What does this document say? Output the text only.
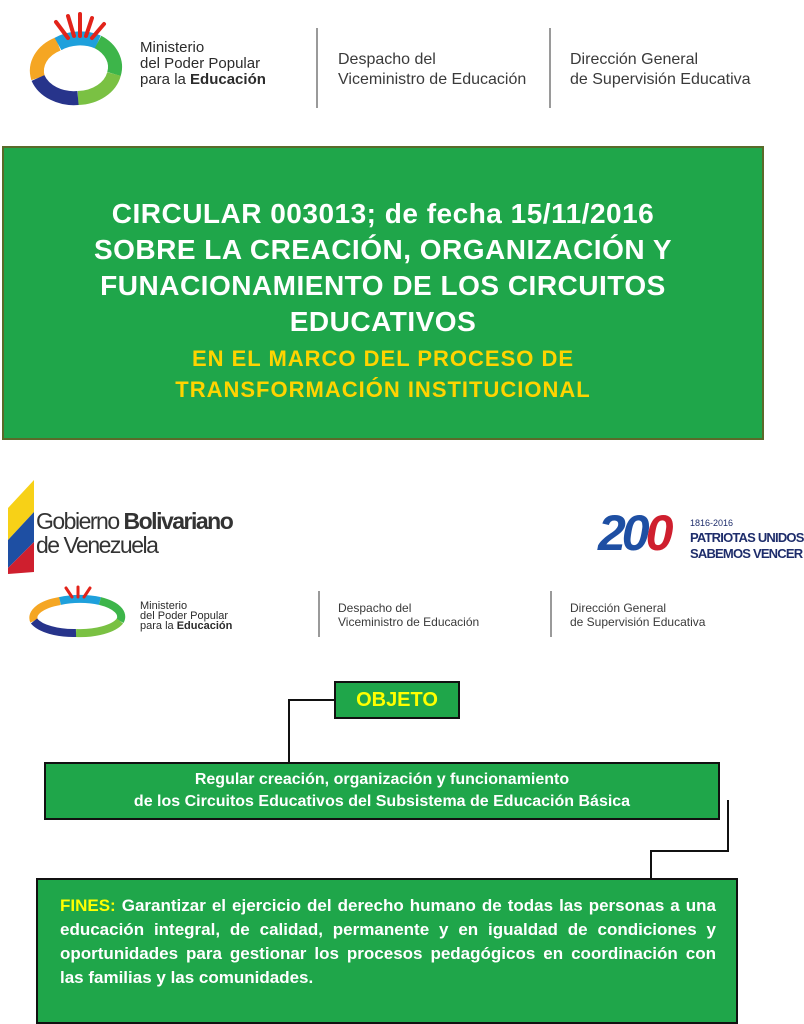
Ministerio
del Poder Popular
para la Educación
Despacho del
Viceministro de Educación
Dirección General
de Supervisión Educativa
CIRCULAR 003013; de fecha 15/11/2016
SOBRE LA CREACIÓN, ORGANIZACIÓN Y
FUNACIONAMIENTO DE LOS CIRCUITOS
EDUCATIVOS
EN EL MARCO DEL PROCESO DE
TRANSFORMACIÓN INSTITUCIONAL
Gobierno Bolivariano
de Venezuela	200 1816-2016
PATRIOTAS UNIDOS
SABEMOS VENCER
Ministerio
del Poder Popular
para la Educación
Despacho del
Viceministro de Educación
Dirección General
de Supervisión Educativa
OBJETO
Regular creación, organización y funcionamiento
de los Circuitos Educativos del Subsistema de Educación Básica
FINES: Garantizar el ejercicio del derecho humano de todas las personas a una educación integral, de calidad, permanente y en igualdad de condiciones y oportunidades para gestionar los procesos pedagógicos en coordinación con las familias y las comunidades.
